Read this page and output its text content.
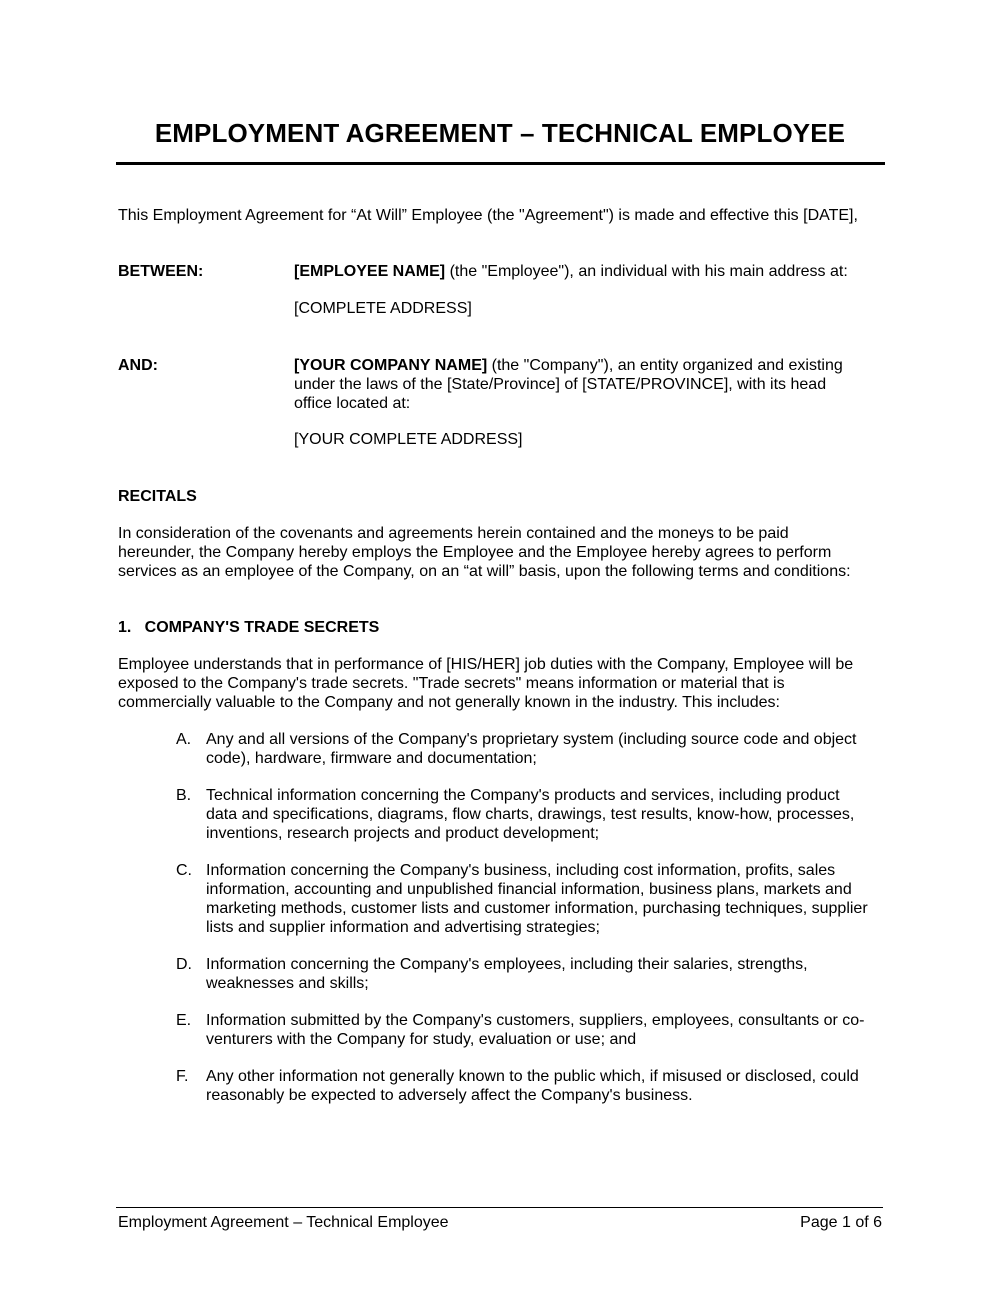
EMPLOYMENT AGREEMENT – TECHNICAL EMPLOYEE
This Employment Agreement for “At Will” Employee (the "Agreement") is made and effective this [DATE],
BETWEEN:	[EMPLOYEE NAME] (the "Employee"), an individual with his main address at:
[COMPLETE ADDRESS]
AND:	[YOUR COMPANY NAME] (the "Company"), an entity organized and existing
under the laws of the [State/Province] of [STATE/PROVINCE], with its head
office located at:
[YOUR COMPLETE ADDRESS]
RECITALS
In consideration of the covenants and agreements herein contained and the moneys to be paid
hereunder, the Company hereby employs the Employee and the Employee hereby agrees to perform
services as an employee of the Company, on an “at will” basis, upon the following terms and conditions:
1.   COMPANY'S TRADE SECRETS
Employee understands that in performance of [HIS/HER] job duties with the Company, Employee will be
exposed to the Company's trade secrets. "Trade secrets" means information or material that is
commercially valuable to the Company and not generally known in the industry. This includes:
A. Any and all versions of the Company's proprietary system (including source code and object
code), hardware, firmware and documentation;
B. Technical information concerning the Company's products and services, including product
data and specifications, diagrams, flow charts, drawings, test results, know-how, processes,
inventions, research projects and product development;
C. Information concerning the Company's business, including cost information, profits, sales
information, accounting and unpublished financial information, business plans, markets and
marketing methods, customer lists and customer information, purchasing techniques, supplier
lists and supplier information and advertising strategies;
D. Information concerning the Company's employees, including their salaries, strengths,
weaknesses and skills;
E. Information submitted by the Company's customers, suppliers, employees, consultants or co-
venturers with the Company for study, evaluation or use; and
F. Any other information not generally known to the public which, if misused or disclosed, could
reasonably be expected to adversely affect the Company's business.
Employment Agreement – Technical Employee	Page 1 of 6
